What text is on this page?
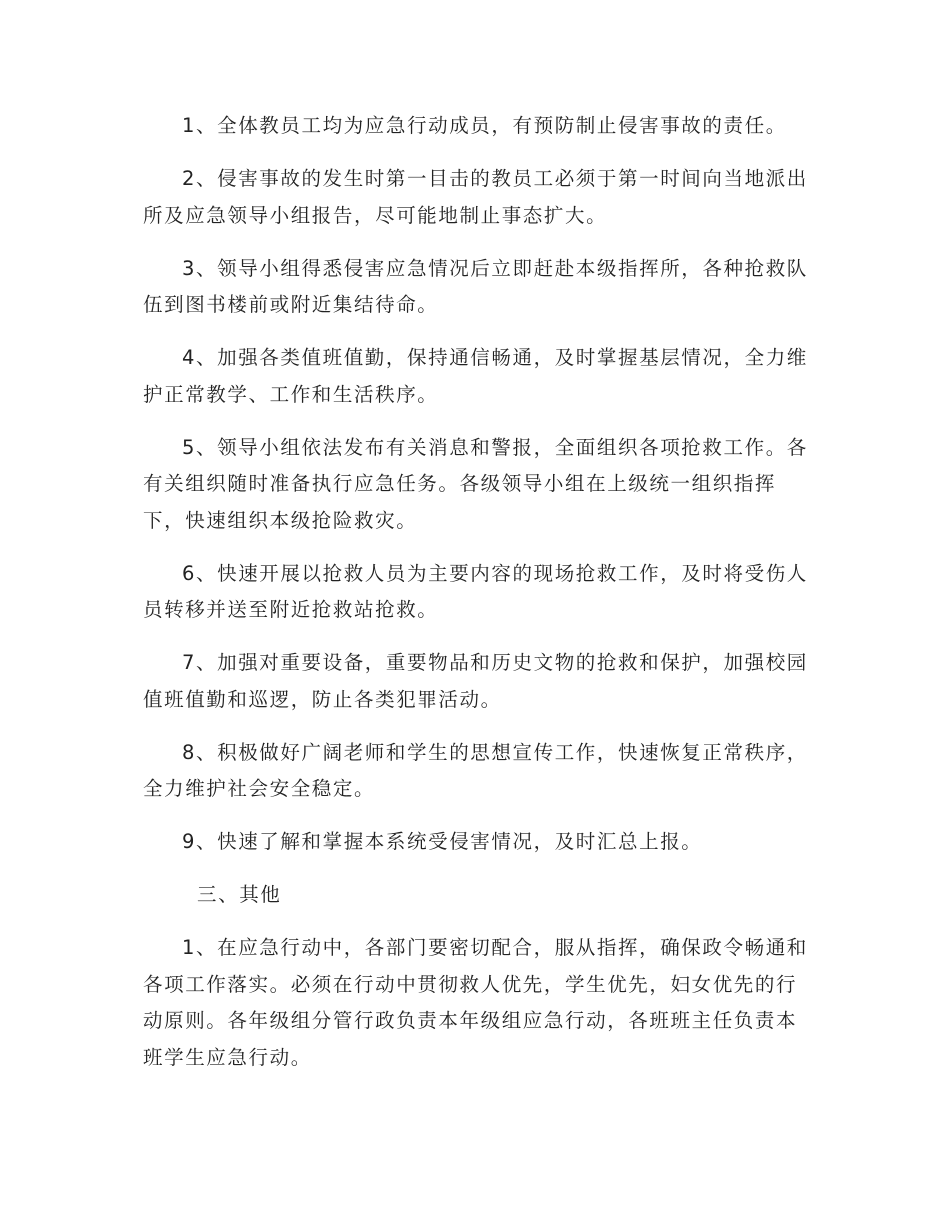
1、全体教员工均为应急行动成员，有预防制止侵害事故的责任。

2、侵害事故的发生时第一目击的教员工必须于第一时间向当地派出所及应急领导小组报告，尽可能地制止事态扩大。

3、领导小组得悉侵害应急情况后立即赶赴本级指挥所，各种抢救队伍到图书楼前或附近集结待命。

4、加强各类值班值勤，保持通信畅通，及时掌握基层情况，全力维护正常教学、工作和生活秩序。

5、领导小组依法发布有关消息和警报，全面组织各项抢救工作。各有关组织随时准备执行应急任务。各级领导小组在上级统一组织指挥下，快速组织本级抢险救灾。

6、快速开展以抢救人员为主要内容的现场抢救工作，及时将受伤人员转移并送至附近抢救站抢救。

7、加强对重要设备，重要物品和历史文物的抢救和保护，加强校园值班值勤和巡逻，防止各类犯罪活动。

8、积极做好广阔老师和学生的思想宣传工作，快速恢复正常秩序，全力维护社会安全稳定。

9、快速了解和掌握本系统受侵害情况，及时汇总上报。

三、其他

1、在应急行动中，各部门要密切配合，服从指挥，确保政令畅通和各项工作落实。必须在行动中贯彻救人优先，学生优先，妇女优先的行动原则。各年级组分管行政负责本年级组应急行动，各班班主任负责本班学生应急行动。
